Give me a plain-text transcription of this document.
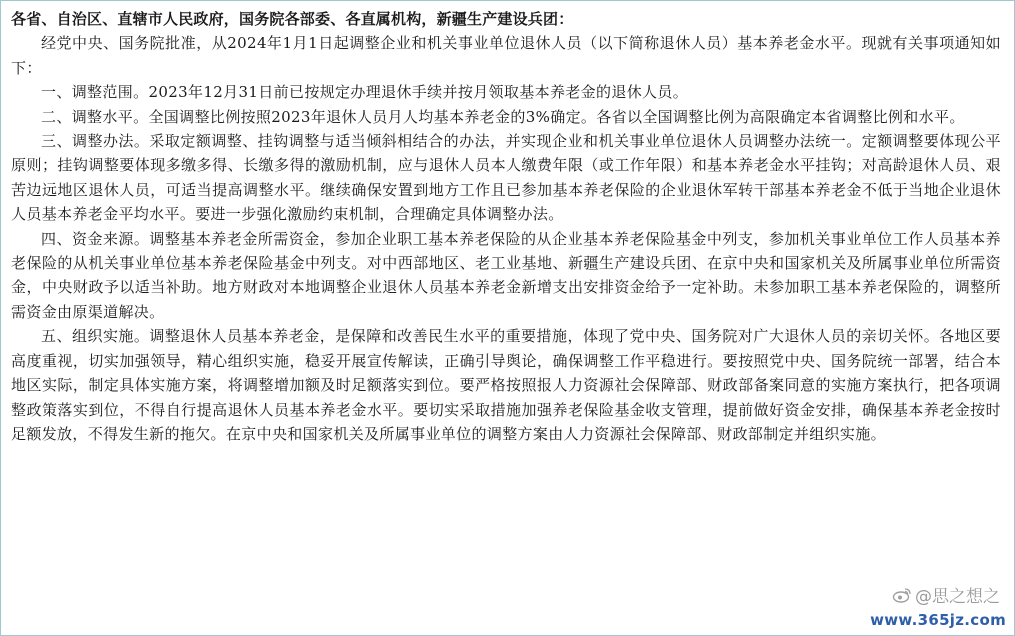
各省、自治区、直辖市人民政府，国务院各部委、各直属机构，新疆生产建设兵团：

经党中央、国务院批准，从2024年1月1日起调整企业和机关事业单位退休人员（以下简称退休人员）基本养老金水平。现就有关事项通知如下：

一、调整范围。2023年12月31日前已按规定办理退休手续并按月领取基本养老金的退休人员。

二、调整水平。全国调整比例按照2023年退休人员月人均基本养老金的3%确定。各省以全国调整比例为高限确定本省调整比例和水平。

三、调整办法。采取定额调整、挂钩调整与适当倾斜相结合的办法，并实现企业和机关事业单位退休人员调整办法统一。定额调整要体现公平原则；挂钩调整要体现多缴多得、长缴多得的激励机制，应与退休人员本人缴费年限（或工作年限）和基本养老金水平挂钩；对高龄退休人员、艰苦边远地区退休人员，可适当提高调整水平。继续确保安置到地方工作且已参加基本养老保险的企业退休军转干部基本养老金不低于当地企业退休人员基本养老金平均水平。要进一步强化激励约束机制，合理确定具体调整办法。

四、资金来源。调整基本养老金所需资金，参加企业职工基本养老保险的从企业基本养老保险基金中列支，参加机关事业单位工作人员基本养老保险的从机关事业单位基本养老保险基金中列支。对中西部地区、老工业基地、新疆生产建设兵团、在京中央和国家机关及所属事业单位所需资金，中央财政予以适当补助。地方财政对本地调整企业退休人员基本养老金新增支出安排资金给予一定补助。未参加职工基本养老保险的，调整所需资金由原渠道解决。

五、组织实施。调整退休人员基本养老金，是保障和改善民生水平的重要措施，体现了党中央、国务院对广大退休人员的亲切关怀。各地区要高度重视，切实加强领导，精心组织实施，稳妥开展宣传解读，正确引导舆论，确保调整工作平稳进行。要按照党中央、国务院统一部署，结合本地区实际，制定具体实施方案，将调整增加额及时足额落实到位。要严格按照报人力资源社会保障部、财政部备案同意的实施方案执行，把各项调整政策落实到位，不得自行提高退休人员基本养老金水平。要切实采取措施加强养老保险基金收支管理，提前做好资金安排，确保基本养老金按时足额发放，不得发生新的拖欠。在京中央和国家机关及所属事业单位的调整方案由人力资源社会保障部、财政部制定并组织实施。

@思之想之
www.365jz.com
